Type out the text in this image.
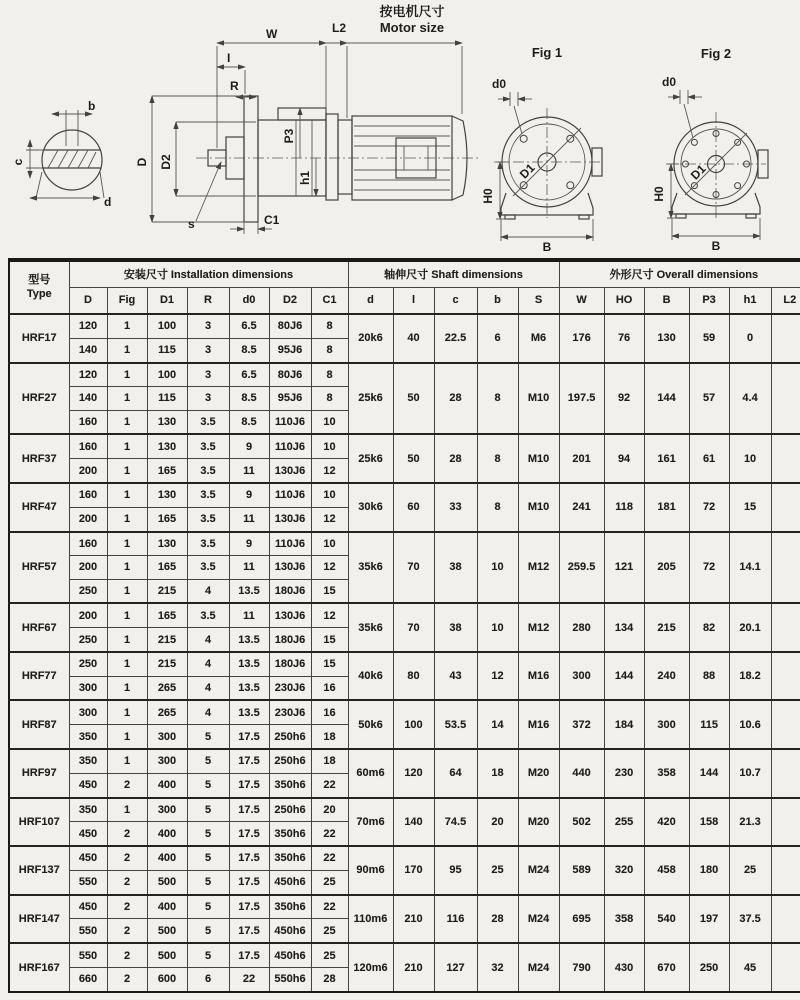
b
c
d
W	L2
按电机尺寸
Motor size
I
R
D D2
P3
h1
s	C1
Fig 1
D1
d0
H0
B
Fig 2
D1
d0
H0
B
型号
Type	安装尺寸 Installation dimensions							轴伸尺寸 Shaft dimensions					外形尺寸 Overall dimensions					
	D	Fig	D1	R	d0	D2	C1	d	l	c	b	S	W	HO	B	P3	h1	L2
HRF17	120	1	100	3	6.5	80J6	8	20k6	40	22.5	6	M6	176	76	130	59	0	
	140	1	115	3	8.5	95J6	8											
HRF27	120	1	100	3	6.5	80J6	8	25k6	50	28	8	M10	197.5	92	144	57	4.4	
	140	1	115	3	8.5	95J6	8											
	160	1	130	3.5	8.5	110J6	10											
HRF37	160	1	130	3.5	9	110J6	10	25k6	50	28	8	M10	201	94	161	61	10	
	200	1	165	3.5	11	130J6	12											
HRF47	160	1	130	3.5	9	110J6	10	30k6	60	33	8	M10	241	118	181	72	15	
	200	1	165	3.5	11	130J6	12											
HRF57	160	1	130	3.5	9	110J6	10	35k6	70	38	10	M12	259.5	121	205	72	14.1	
	200	1	165	3.5	11	130J6	12											
	250	1	215	4	13.5	180J6	15											
HRF67	200	1	165	3.5	11	130J6	12	35k6	70	38	10	M12	280	134	215	82	20.1	
	250	1	215	4	13.5	180J6	15											
HRF77	250	1	215	4	13.5	180J6	15	40k6	80	43	12	M16	300	144	240	88	18.2	
	300	1	265	4	13.5	230J6	16											
HRF87	300	1	265	4	13.5	230J6	16	50k6	100	53.5	14	M16	372	184	300	115	10.6	
	350	1	300	5	17.5	250h6	18											
HRF97	350	1	300	5	17.5	250h6	18	60m6	120	64	18	M20	440	230	358	144	10.7	
	450	2	400	5	17.5	350h6	22											
HRF107	350	1	300	5	17.5	250h6	20	70m6	140	74.5	20	M20	502	255	420	158	21.3	
	450	2	400	5	17.5	350h6	22											
HRF137	450	2	400	5	17.5	350h6	22	90m6	170	95	25	M24	589	320	458	180	25	
	550	2	500	5	17.5	450h6	25											
HRF147	450	2	400	5	17.5	350h6	22	110m6	210	116	28	M24	695	358	540	197	37.5	
	550	2	500	5	17.5	450h6	25											
HRF167	550	2	500	5	17.5	450h6	25	120m6	210	127	32	M24	790	430	670	250	45	
	660	2	600	6	22	550h6	28											
